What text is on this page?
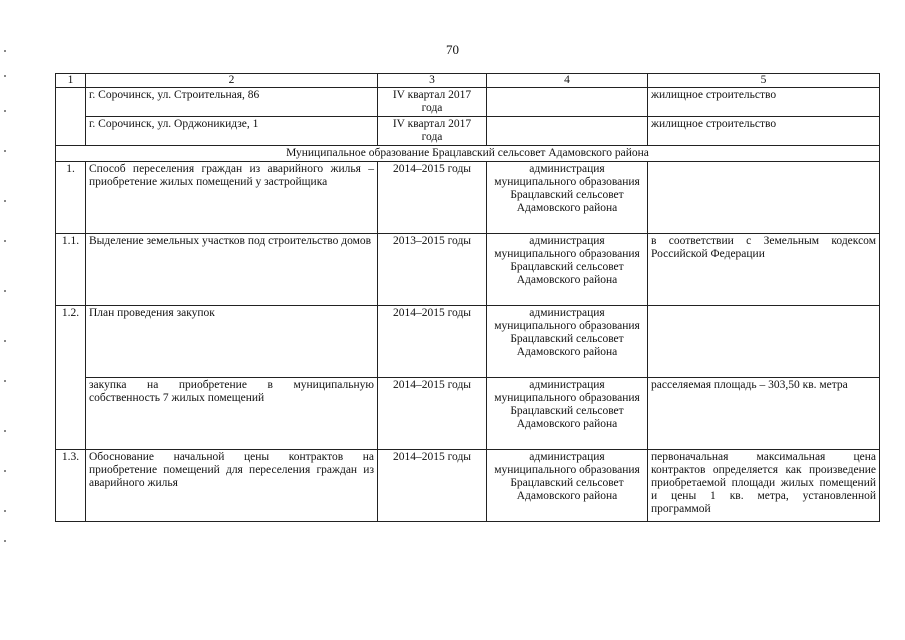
70
1	2	3	4	5
	г. Сорочинск, ул. Строительная, 86	IV квартал 2017 года		жилищное строительство
	г. Сорочинск, ул. Орджоникидзе, 1	IV квартал 2017 года		жилищное строительство
Муниципальное образование Брацлавский сельсовет Адамовского района				
1.	Способ переселения граждан из аварийного жилья – приобретение жилых помещений у застройщика	2014–2015 годы	администрация муниципального образования Брацлавский сельсовет Адамовского района	
1.1.	Выделение земельных участков под строительство домов	2013–2015 годы	администрация муниципального образования Брацлавский сельсовет Адамовского района	в соответствии с Земельным кодексом Российской Федерации
1.2.	План проведения закупок	2014–2015 годы	администрация муниципального образования Брацлавский сельсовет Адамовского района	
	закупка на приобретение в муниципальную собственность 7 жилых помещений	2014–2015 годы	администрация муниципального образования Брацлавский сельсовет Адамовского района	расселяемая площадь – 303,50 кв. метра
1.3.	Обоснование начальной цены контрактов на приобретение помещений для переселения граждан из аварийного жилья	2014–2015 годы	администрация муниципального образования Брацлавский сельсовет Адамовского района	первоначальная максимальная цена контрактов определяется как произведение приобретаемой площади жилых помещений и цены 1 кв. метра, установленной программой
